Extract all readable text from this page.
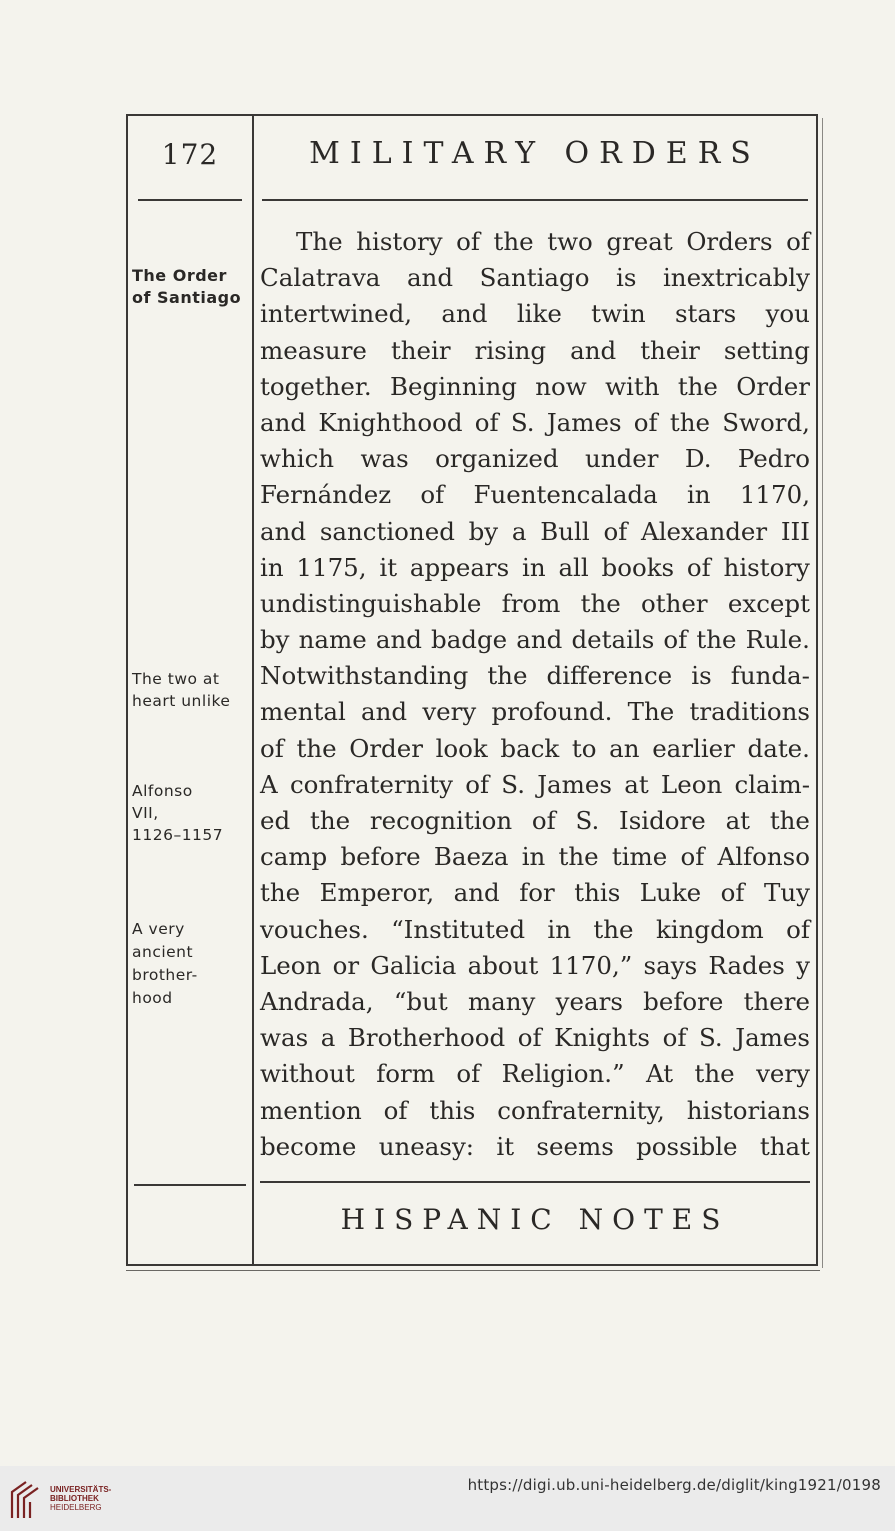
172	MILITARY ORDERS
The Order
of Santiago
The two at
heart unlike
Alfonso
VII,
1126–1157
A very
ancient
brother-
hood
The history of the two great Orders of
Calatrava and Santiago is inextricably
intertwined, and like twin stars you
measure their rising and their setting
together. Beginning now with the Order
and Knighthood of S. James of the Sword,
which was organized under D. Pedro
Fernández of Fuentencalada in 1170,
and sanctioned by a Bull of Alexander III
in 1175, it appears in all books of history
undistinguishable from the other except
by name and badge and details of the Rule.
Notwithstanding the difference is funda-
mental and very profound. The traditions
of the Order look back to an earlier date.
A confraternity of S. James at Leon claim-
ed the recognition of S. Isidore at the
camp before Baeza in the time of Alfonso
the Emperor, and for this Luke of Tuy
vouches. “Instituted in the kingdom of
Leon or Galicia about 1170,” says Rades y
Andrada, “but many years before there
was a Brotherhood of Knights of S. James
without form of Religion.” At the very
mention of this confraternity, historians
become uneasy: it seems possible that
HISPANIC NOTES
UNIVERSITÄTS-
BIBLIOTHEK
HEIDELBERG
https://digi.ub.uni-heidelberg.de/diglit/king1921/0198
